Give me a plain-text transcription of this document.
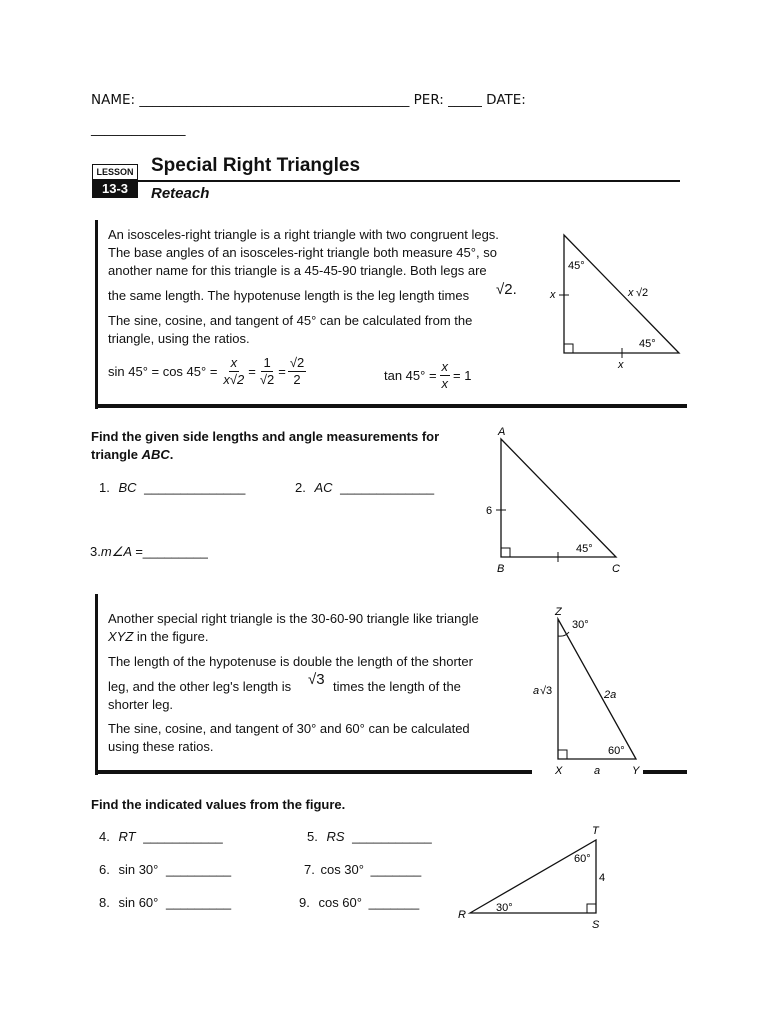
NAME: ________________________________________ PER: _____ DATE:
______________
LESSON
13-3
Special Right Triangles
Reteach
An isosceles-right triangle is a right triangle with two congruent legs.
The base angles of an isosceles-right triangle both measure 45°, so
another name for this triangle is a 45-45-90 triangle. Both legs are
the same length. The hypotenuse length is the leg length times √2.
The sine, cosine, and tangent of 45° can be calculated from the
triangle, using the ratios.
$\sin 45^\circ = \cos 45^\circ = \frac{x}{x√2} = \frac{1}{√2} = \frac{√2}{2}$	$\tan 45^\circ = \frac{x}{x} = 1$
45°
45°
x
x
x √2
Find the given side lengths and angle measurements for
triangle ABC.
1. BC ______________	2. AC _____________
3.m∠A =_________
A
B	C
6
45°
Another special right triangle is the 30-60-90 triangle like triangle
XYZ in the figure.
The length of the hypotenuse is double the length of the shorter
leg, and the other leg's length is √3 times the length of the
shorter leg.
The sine, cosine, and tangent of 30° and 60° can be calculated
using these ratios.
Z
X	Y
30°
60°
a √3	2a
a
Find the indicated values from the figure.
4. RT ___________	5. RS ___________
6. sin 30° _________	7. cos 30° _______
8. sin 60° _________	9. cos 60° _______
T
R
S
60°
30°
4
